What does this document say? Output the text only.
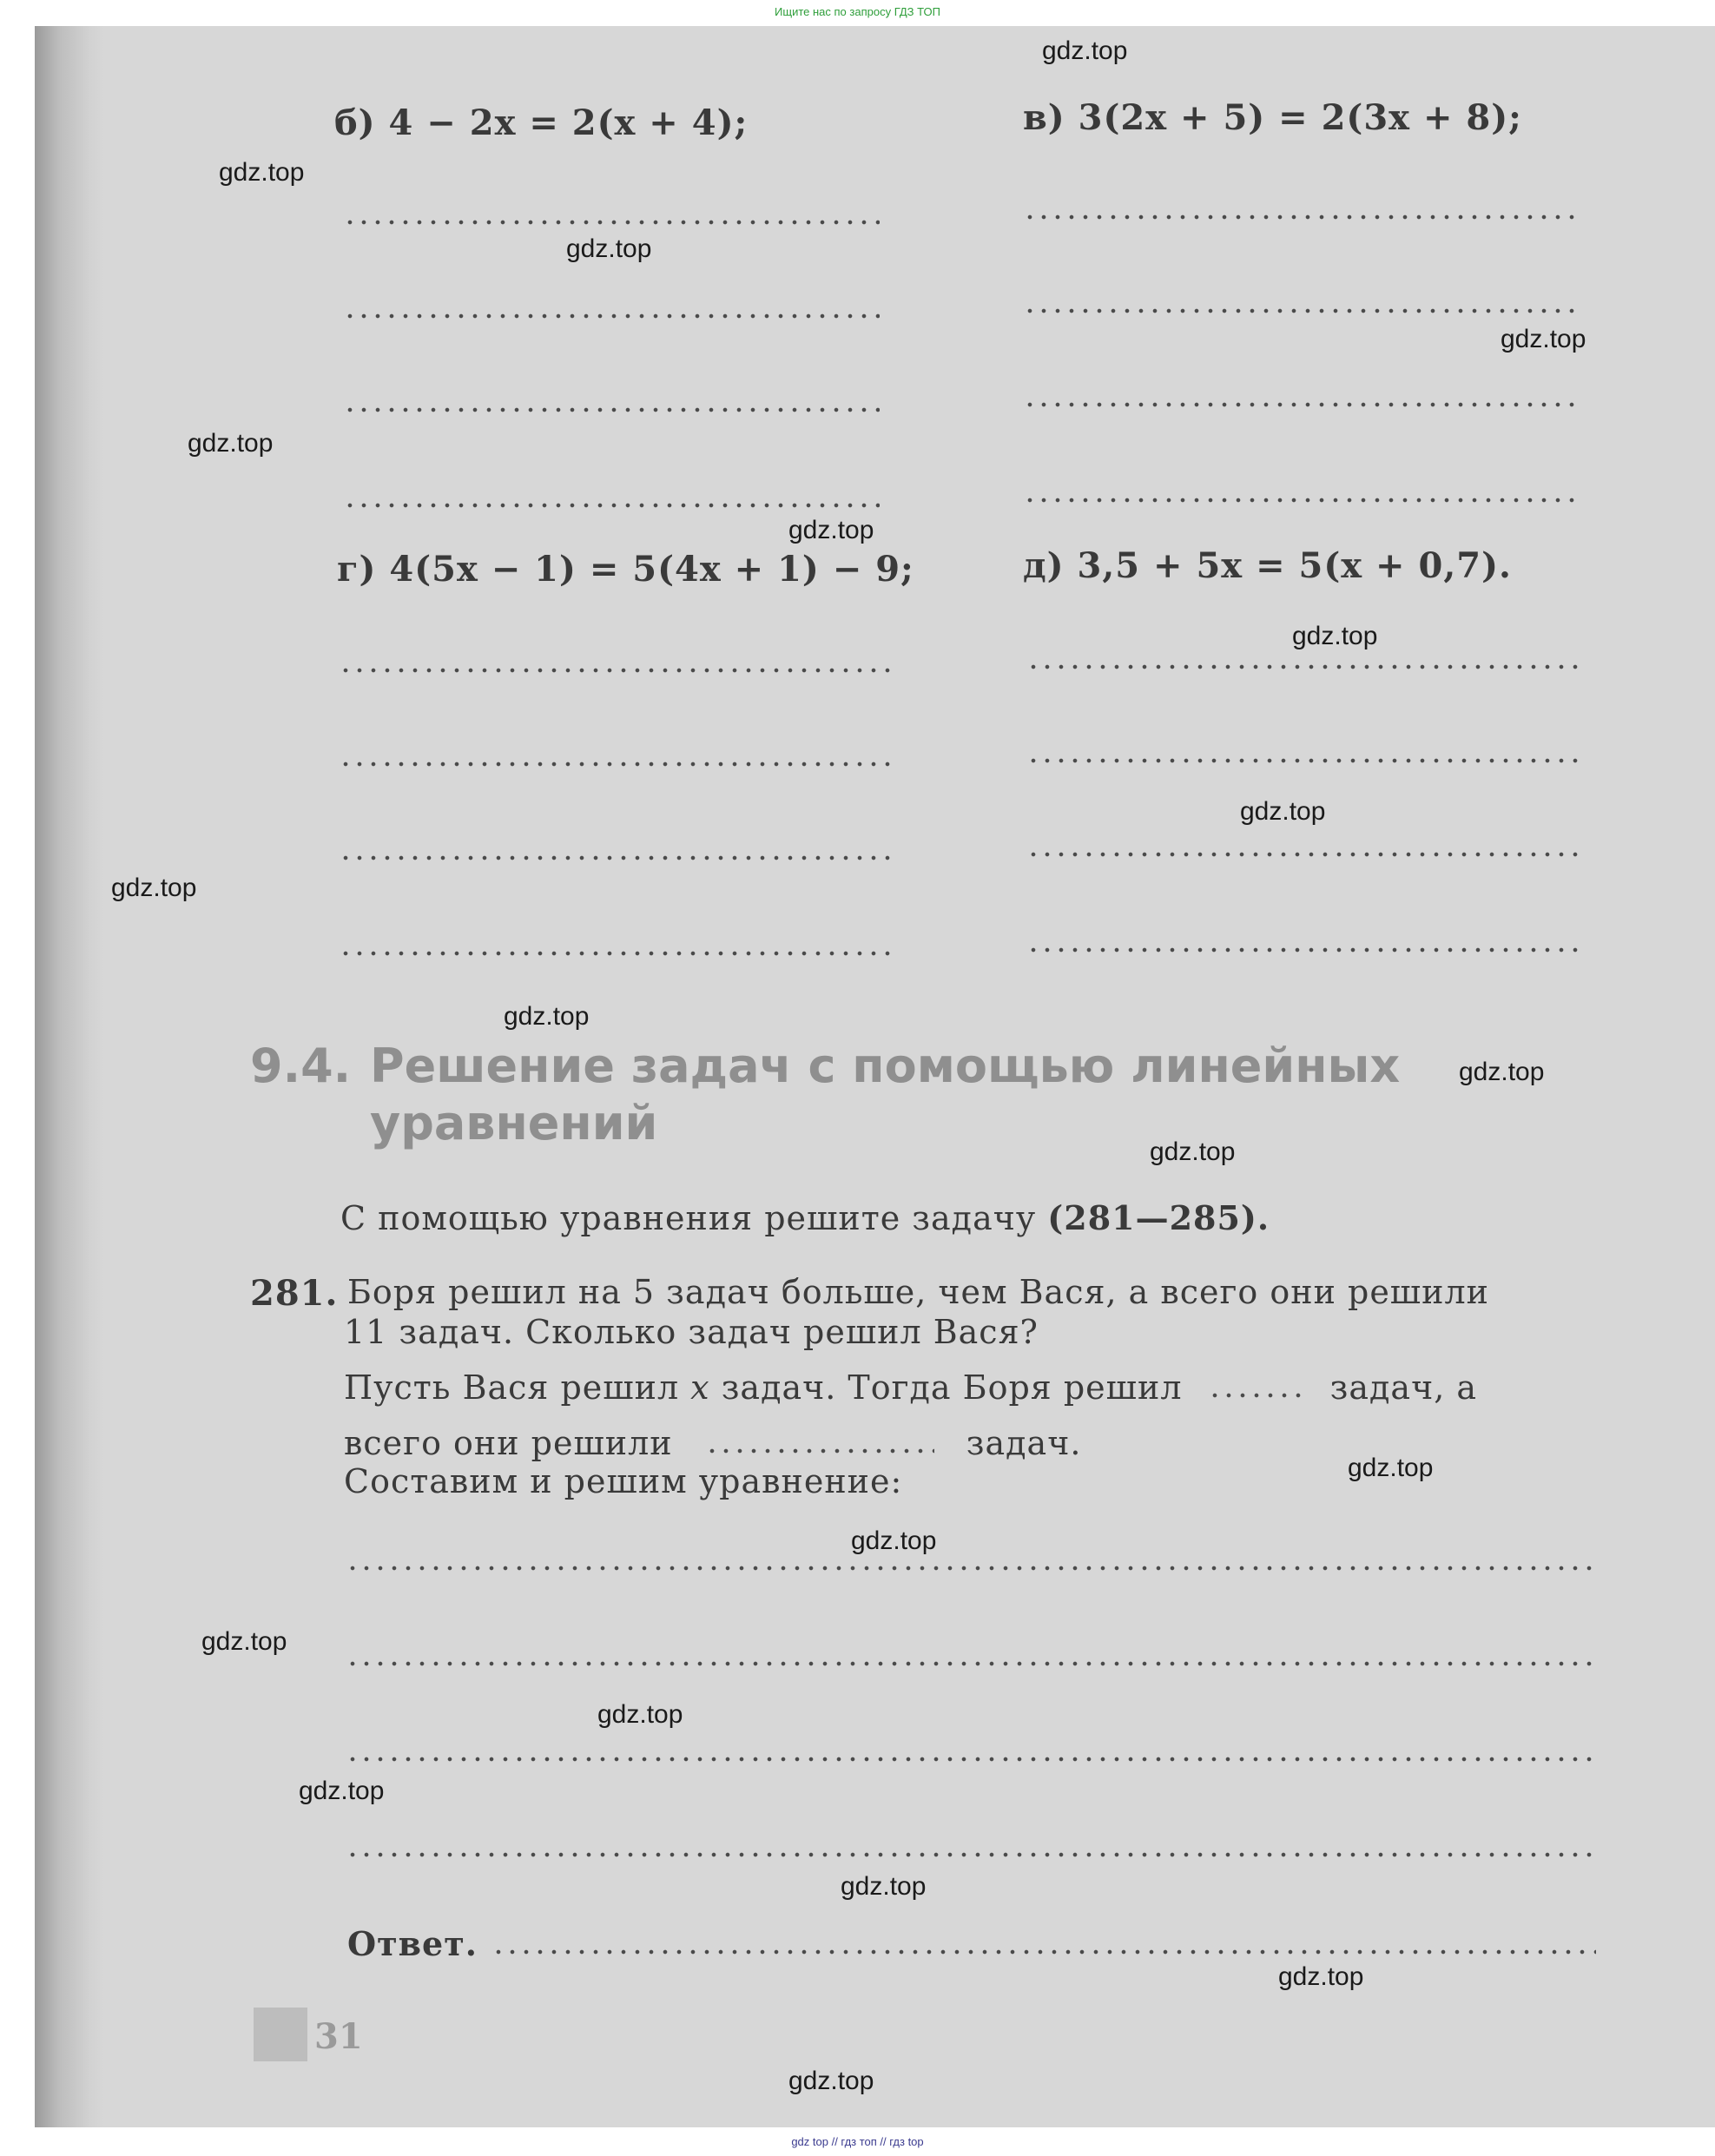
Ищите нас по запросу ГДЗ ТОП
б) 4 − 2x = 2(x + 4);	в) 3(2x + 5) = 2(3x + 8);
г) 4(5x − 1) = 5(4x + 1) − 9;	д) 3,5 + 5x = 5(x + 0,7).
9.4. Решение задач с помощью линейных
уравнений
С помощью уравнения решите задачу (281—285).
281. Боря решил на 5 задач больше, чем Вася, а всего они решили
11 задач. Сколько задач решил Вася?
Пусть Вася решил x задач. Тогда Боря решил	задач, а
всего они решили	задач.
Составим и решим уравнение:
Ответ.
31
gdz.top
gdz.top
gdz.top
gdz.top
gdz.top
gdz.top
gdz.top
gdz.top
gdz.top
gdz.top
gdz.top
gdz.top
gdz.top
gdz.top
gdz.top
gdz.top
gdz.top
gdz.top
gdz.top
gdz.top
gdz top // гдз топ // гдз top
